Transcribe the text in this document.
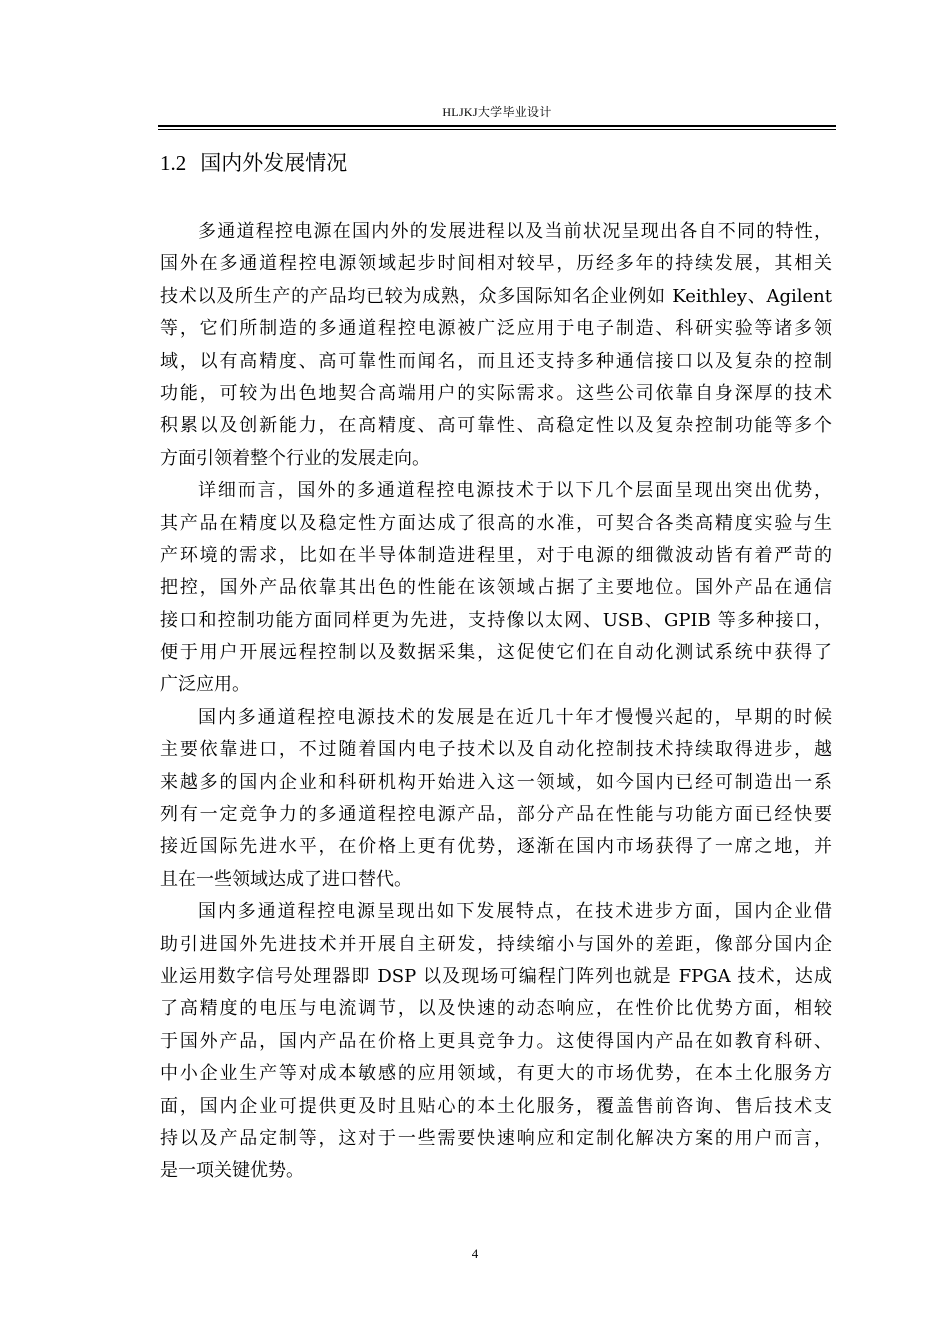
HLJKJ大学毕业设计
1.2 国内外发展情况
多通道程控电源在国内外的发展进程以及当前状况呈现出各自不同的特性，
国外在多通道程控电源领域起步时间相对较早，历经多年的持续发展，其相关
技术以及所生产的产品均已较为成熟，众多国际知名企业例如 Keithley、Agilent
等，它们所制造的多通道程控电源被广泛应用于电子制造、科研实验等诸多领
域，以有高精度、高可靠性而闻名，而且还支持多种通信接口以及复杂的控制
功能，可较为出色地契合高端用户的实际需求。这些公司依靠自身深厚的技术
积累以及创新能力，在高精度、高可靠性、高稳定性以及复杂控制功能等多个
方面引领着整个行业的发展走向。
详细而言，国外的多通道程控电源技术于以下几个层面呈现出突出优势，
其产品在精度以及稳定性方面达成了很高的水准，可契合各类高精度实验与生
产环境的需求，比如在半导体制造进程里，对于电源的细微波动皆有着严苛的
把控，国外产品依靠其出色的性能在该领域占据了主要地位。国外产品在通信
接口和控制功能方面同样更为先进，支持像以太网、USB、GPIB 等多种接口，
便于用户开展远程控制以及数据采集，这促使它们在自动化测试系统中获得了
广泛应用。
国内多通道程控电源技术的发展是在近几十年才慢慢兴起的，早期的时候
主要依靠进口，不过随着国内电子技术以及自动化控制技术持续取得进步，越
来越多的国内企业和科研机构开始进入这一领域，如今国内已经可制造出一系
列有一定竞争力的多通道程控电源产品，部分产品在性能与功能方面已经快要
接近国际先进水平，在价格上更有优势，逐渐在国内市场获得了一席之地，并
且在一些领域达成了进口替代。
国内多通道程控电源呈现出如下发展特点，在技术进步方面，国内企业借
助引进国外先进技术并开展自主研发，持续缩小与国外的差距，像部分国内企
业运用数字信号处理器即 DSP 以及现场可编程门阵列也就是 FPGA 技术，达成
了高精度的电压与电流调节，以及快速的动态响应，在性价比优势方面，相较
于国外产品，国内产品在价格上更具竞争力。这使得国内产品在如教育科研、
中小企业生产等对成本敏感的应用领域，有更大的市场优势，在本土化服务方
面，国内企业可提供更及时且贴心的本土化服务，覆盖售前咨询、售后技术支
持以及产品定制等，这对于一些需要快速响应和定制化解决方案的用户而言，
是一项关键优势。
4
